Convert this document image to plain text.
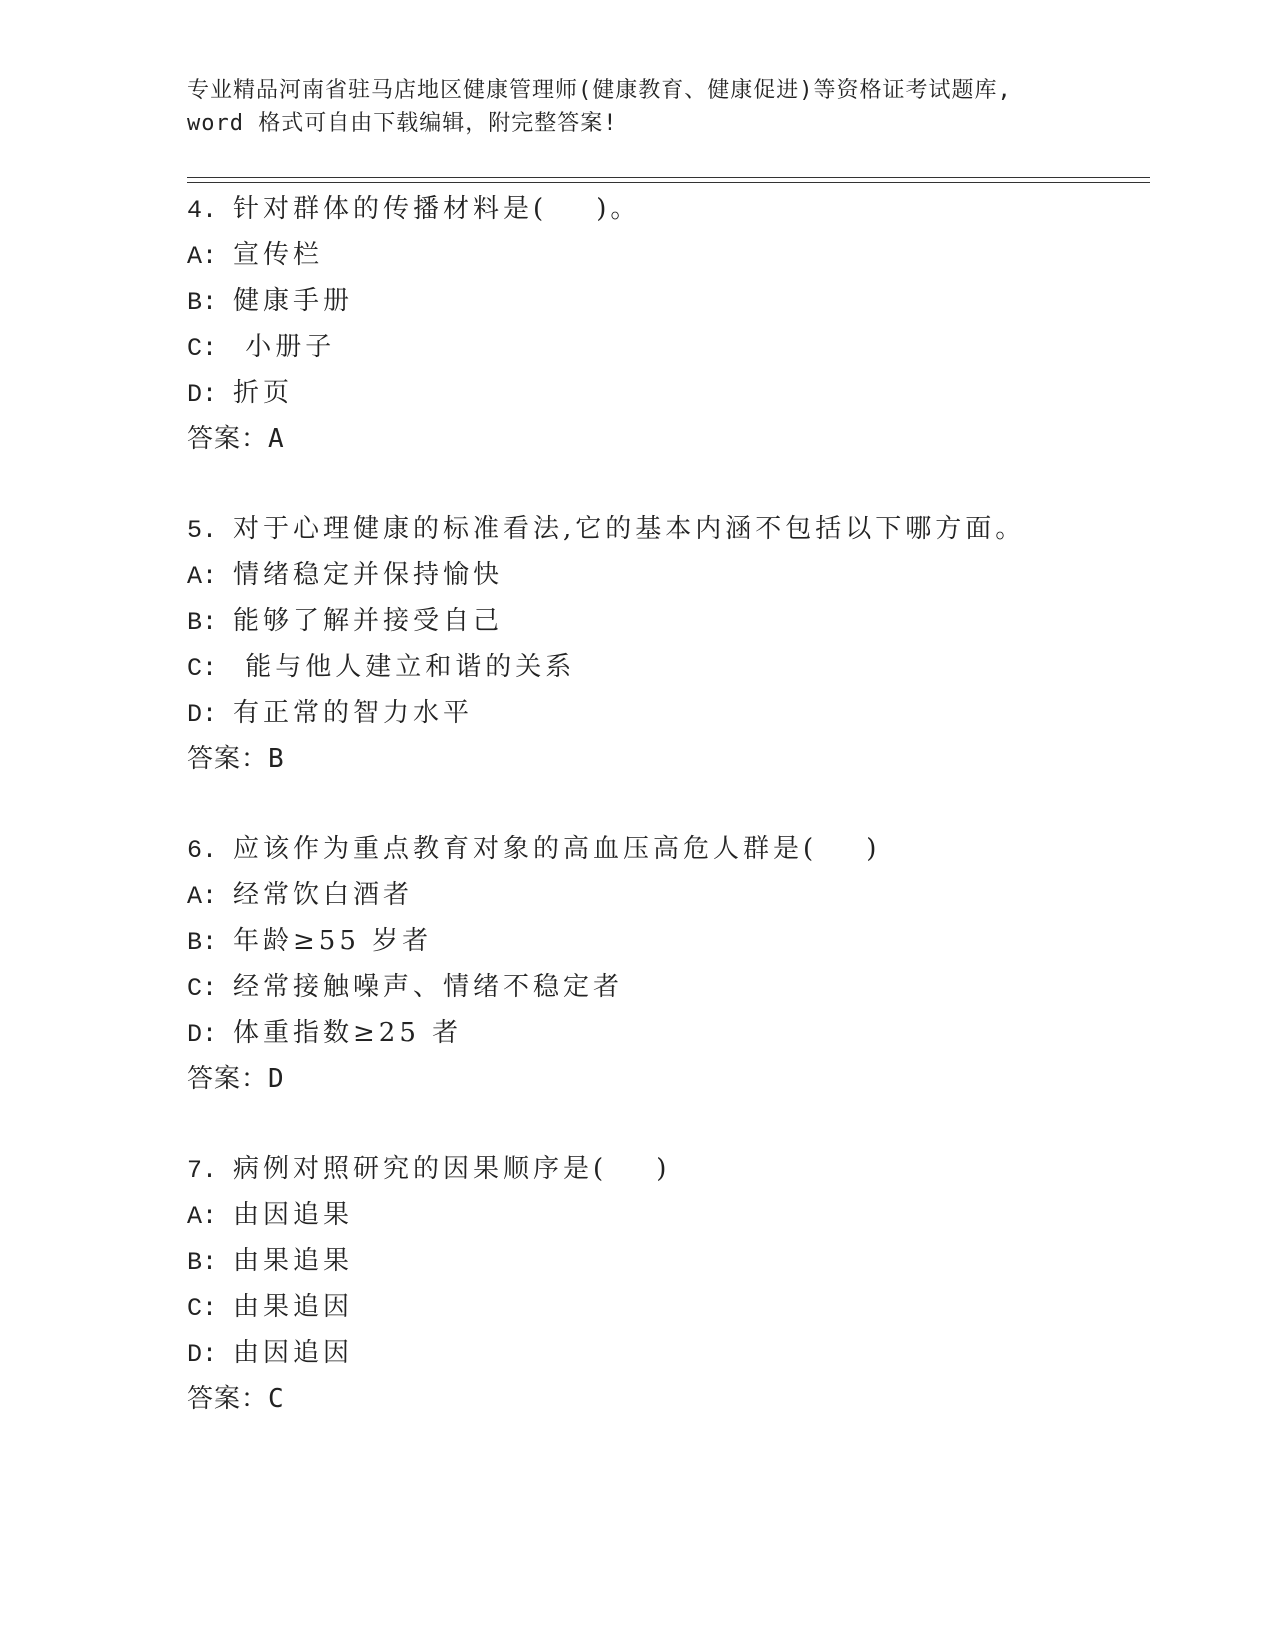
专业精品河南省驻马店地区健康管理师(健康教育、健康促进)等资格证考试题库,
word 格式可自由下载编辑，附完整答案!
4. 针对群体的传播材料是(    )。
A: 宣传栏
B: 健康手册
C: 小册子
D: 折页
答案：A
5. 对于心理健康的标准看法,它的基本内涵不包括以下哪方面。
A: 情绪稳定并保持愉快
B: 能够了解并接受自己
C: 能与他人建立和谐的关系
D: 有正常的智力水平
答案：B
6. 应该作为重点教育对象的高血压高危人群是(    )
A: 经常饮白酒者
B: 年龄≥55 岁者
C: 经常接触噪声、情绪不稳定者
D: 体重指数≥25 者
答案：D
7. 病例对照研究的因果顺序是(    )
A: 由因追果
B: 由果追果
C: 由果追因
D: 由因追因
答案：C
